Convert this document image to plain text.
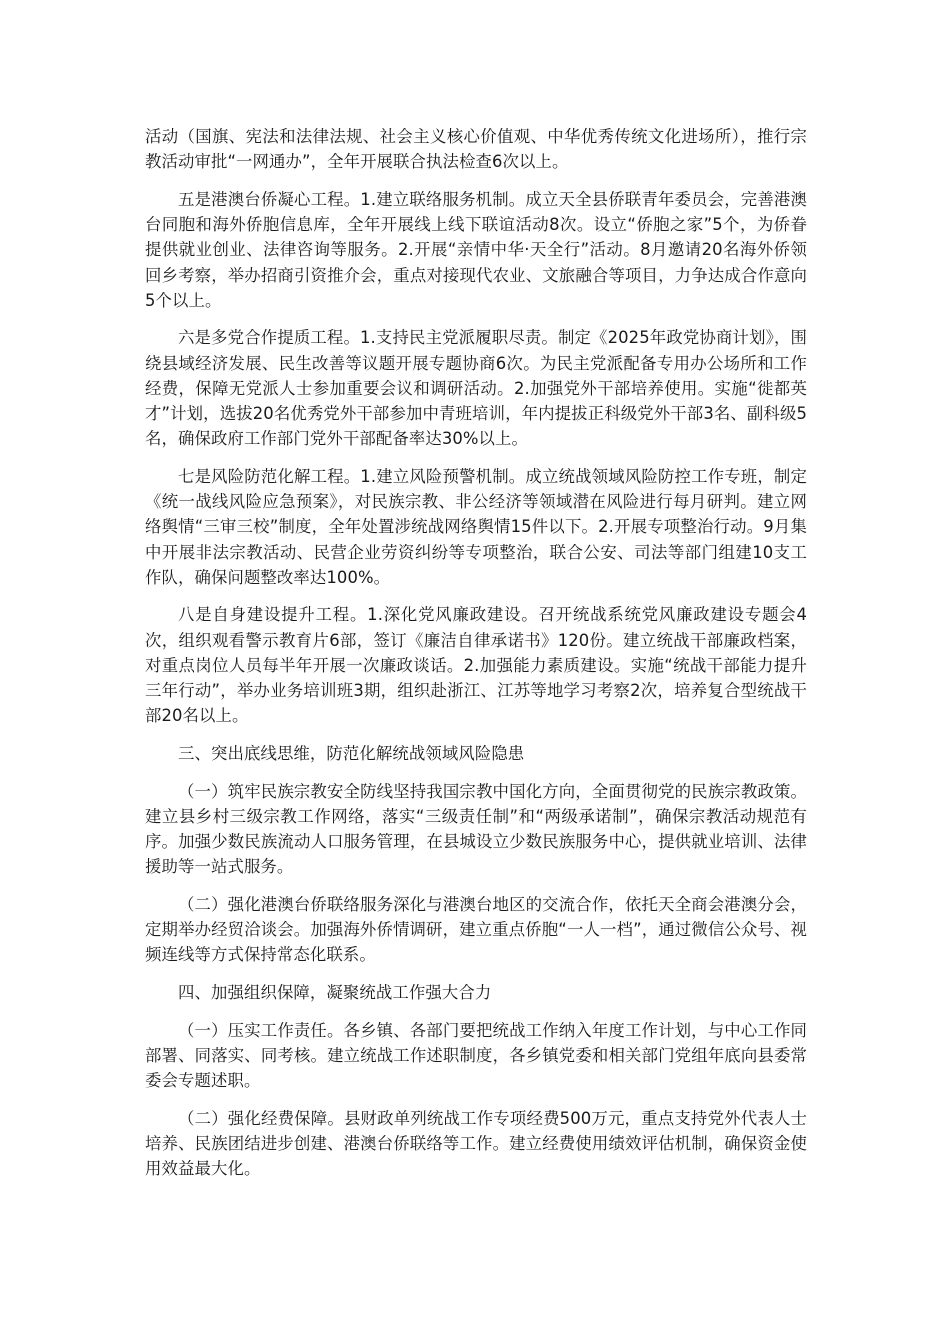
活动（国旗、宪法和法律法规、社会主义核心价值观、中华优秀传统文化进场所），推行宗教活动审批“一网通办”，全年开展联合执法检查6次以上。

五是港澳台侨凝心工程。1.建立联络服务机制。成立天全县侨联青年委员会，完善港澳台同胞和海外侨胞信息库，全年开展线上线下联谊活动8次。设立“侨胞之家”5个，为侨眷提供就业创业、法律咨询等服务。2.开展“亲情中华·天全行”活动。8月邀请20名海外侨领回乡考察，举办招商引资推介会，重点对接现代农业、文旅融合等项目，力争达成合作意向5个以上。

六是多党合作提质工程。1.支持民主党派履职尽责。制定《2025年政党协商计划》，围绕县域经济发展、民生改善等议题开展专题协商6次。为民主党派配备专用办公场所和工作经费，保障无党派人士参加重要会议和调研活动。2.加强党外干部培养使用。实施“徙都英才”计划，选拔20名优秀党外干部参加中青班培训，年内提拔正科级党外干部3名、副科级5名，确保政府工作部门党外干部配备率达30%以上。

七是风险防范化解工程。1.建立风险预警机制。成立统战领域风险防控工作专班，制定《统一战线风险应急预案》，对民族宗教、非公经济等领域潜在风险进行每月研判。建立网络舆情“三审三校”制度，全年处置涉统战网络舆情15件以下。2.开展专项整治行动。9月集中开展非法宗教活动、民营企业劳资纠纷等专项整治，联合公安、司法等部门组建10支工作队，确保问题整改率达100%。

八是自身建设提升工程。1.深化党风廉政建设。召开统战系统党风廉政建设专题会4次，组织观看警示教育片6部，签订《廉洁自律承诺书》120份。建立统战干部廉政档案，对重点岗位人员每半年开展一次廉政谈话。2.加强能力素质建设。实施“统战干部能力提升三年行动”，举办业务培训班3期，组织赴浙江、江苏等地学习考察2次，培养复合型统战干部20名以上。

三、突出底线思维，防范化解统战领域风险隐患

（一）筑牢民族宗教安全防线坚持我国宗教中国化方向，全面贯彻党的民族宗教政策。建立县乡村三级宗教工作网络，落实“三级责任制”和“两级承诺制”，确保宗教活动规范有序。加强少数民族流动人口服务管理，在县城设立少数民族服务中心，提供就业培训、法律援助等一站式服务。

（二）强化港澳台侨联络服务深化与港澳台地区的交流合作，依托天全商会港澳分会，定期举办经贸洽谈会。加强海外侨情调研，建立重点侨胞“一人一档”，通过微信公众号、视频连线等方式保持常态化联系。

四、加强组织保障，凝聚统战工作强大合力

（一）压实工作责任。各乡镇、各部门要把统战工作纳入年度工作计划，与中心工作同部署、同落实、同考核。建立统战工作述职制度，各乡镇党委和相关部门党组年底向县委常委会专题述职。

（二）强化经费保障。县财政单列统战工作专项经费500万元，重点支持党外代表人士培养、民族团结进步创建、港澳台侨联络等工作。建立经费使用绩效评估机制，确保资金使用效益最大化。
